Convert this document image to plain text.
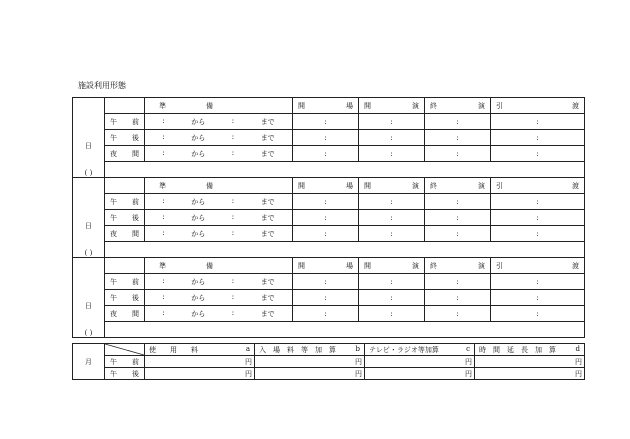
施設利用形態
日
( )		準 備	開 場	開 演	終 演	引 渡

	午 前	: から : まで	:	:	:	:

	午 後	: から : まで	:	:	:	:

	夜 間	: から : まで	:	:	:	:

日
( )		準 備	開 場	開 演	終 演	引 渡

	午 前	: から : まで	:	:	:	:

	午 後	: から : まで	:	:	:	:

	夜 間	: から : まで	:	:	:	:

日
( )		準 備	開 場	開 演	終 演	引 渡

	午 前	: から : まで	:	:	:	:

	午 後	: から : まで	:	:	:	:

	夜 間	: から : まで	:	:	:	:

月		使　　用　　料 a	入　場　料　等　加　算 b	テレビ・ラジオ等加算 c	時　間　延　長　加　算 d

	午 前	円	円	円	円

	午 後	円	円	円	円
